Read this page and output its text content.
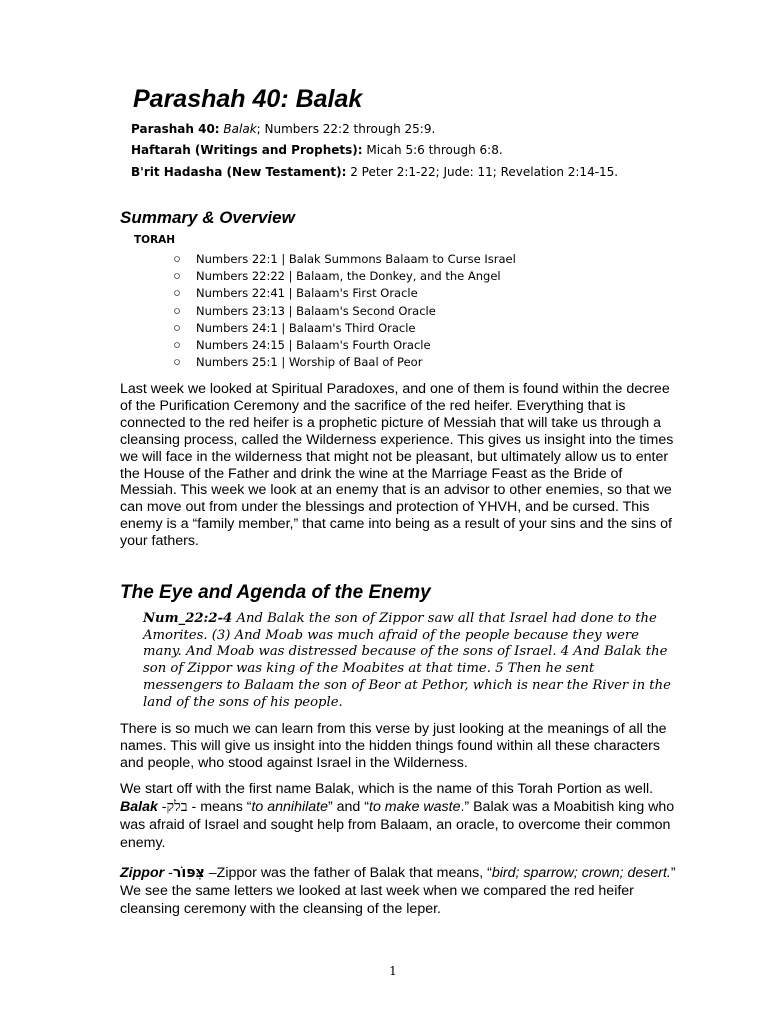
Parashah 40: Balak
Parashah 40: Balak; Numbers 22:2 through 25:9.
Haftarah (Writings and Prophets): Micah 5:6 through 6:8.
B'rit Hadasha (New Testament): 2 Peter 2:1-22; Jude: 11; Revelation 2:14-15.
Summary & Overview
TORAH
Numbers 22:1 | Balak Summons Balaam to Curse Israel
Numbers 22:22 | Balaam, the Donkey, and the Angel
Numbers 22:41 | Balaam's First Oracle
Numbers 23:13 | Balaam's Second Oracle
Numbers 24:1 | Balaam's Third Oracle
Numbers 24:15 | Balaam's Fourth Oracle
Numbers 25:1 | Worship of Baal of Peor

Last week we looked at Spiritual Paradoxes, and one of them is found within the decree of the Purification Ceremony and the sacrifice of the red heifer. Everything that is connected to the red heifer is a prophetic picture of Messiah that will take us through a cleansing process, called the Wilderness experience. This gives us insight into the times we will face in the wilderness that might not be pleasant, but ultimately allow us to enter the House of the Father and drink the wine at the Marriage Feast as the Bride of Messiah. This week we look at an enemy that is an advisor to other enemies, so that we can move out from under the blessings and protection of YHVH, and be cursed. This enemy is a “family member,” that came into being as a result of your sins and the sins of your fathers.

The Eye and Agenda of the Enemy

Num_22:2-4 And Balak the son of Zippor saw all that Israel had done to the Amorites. (3) And Moab was much afraid of the people because they were many. And Moab was distressed because of the sons of Israel. 4 And Balak the son of Zippor was king of the Moabites at that time. 5 Then he sent messengers to Balaam the son of Beor at Pethor, which is near the River in the land of the sons of his people.

There is so much we can learn from this verse by just looking at the meanings of all the names. This will give us insight into the hidden things found within all these characters and people, who stood against Israel in the Wilderness.

We start off with the first name Balak, which is the name of this Torah Portion as well. Balak -בלק - means “to annihilate” and “to make waste.” Balak was a Moabitish king who was afraid of Israel and sought help from Balaam, an oracle, to overcome their common enemy.

Zippor -צִּפּוֹר –Zippor was the father of Balak that means, “bird; sparrow; crown; desert.” We see the same letters we looked at last week when we compared the red heifer cleansing ceremony with the cleansing of the leper.

1
